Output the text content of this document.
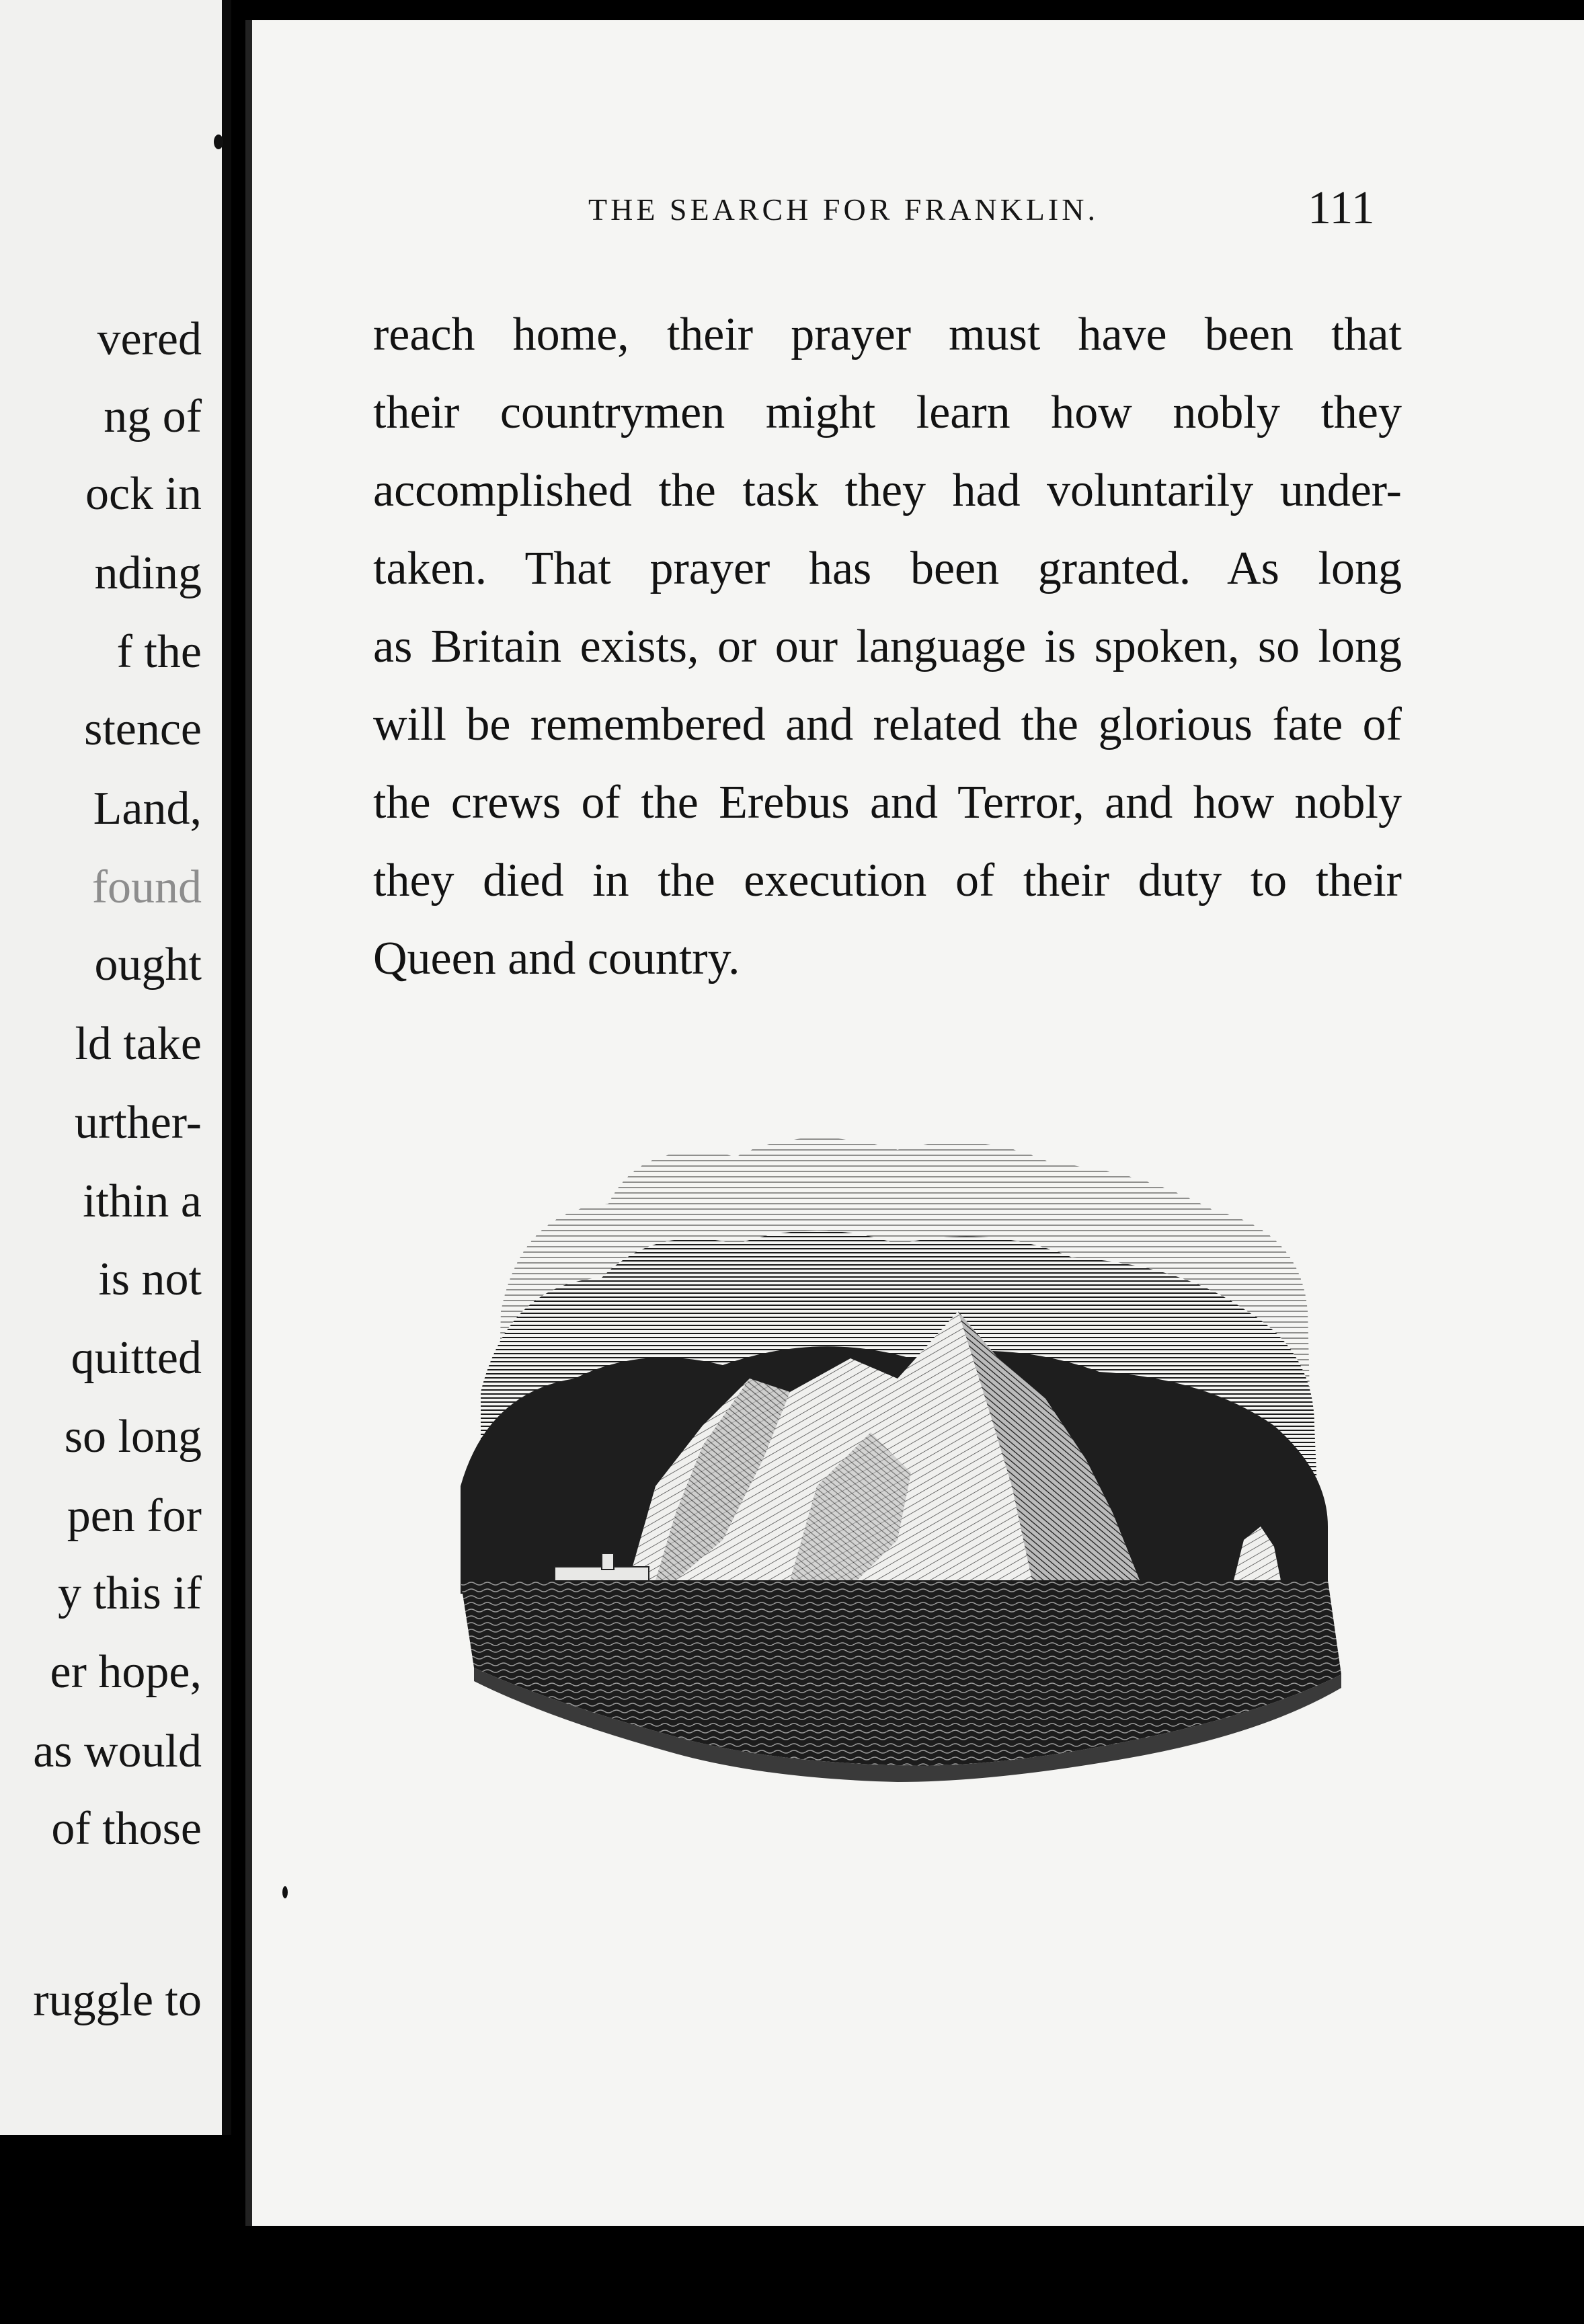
vered
ng of
ock in
nding
f the
stence
Land,
found
ought
ld take
urther-
ithin a
is not
quitted
so long
pen for
y this if
er hope,
as would
of those
ruggle to
THE SEARCH FOR FRANKLIN.	111
reach home, their prayer must have been that
their countrymen might learn how nobly they
accomplished the task they had voluntarily under-
taken. That prayer has been granted. As long
as Britain exists, or our language is spoken, so long
will be remembered and related the glorious fate of
the crews of the Erebus and Terror, and how nobly
they died in the execution of their duty to their
Queen and country.
